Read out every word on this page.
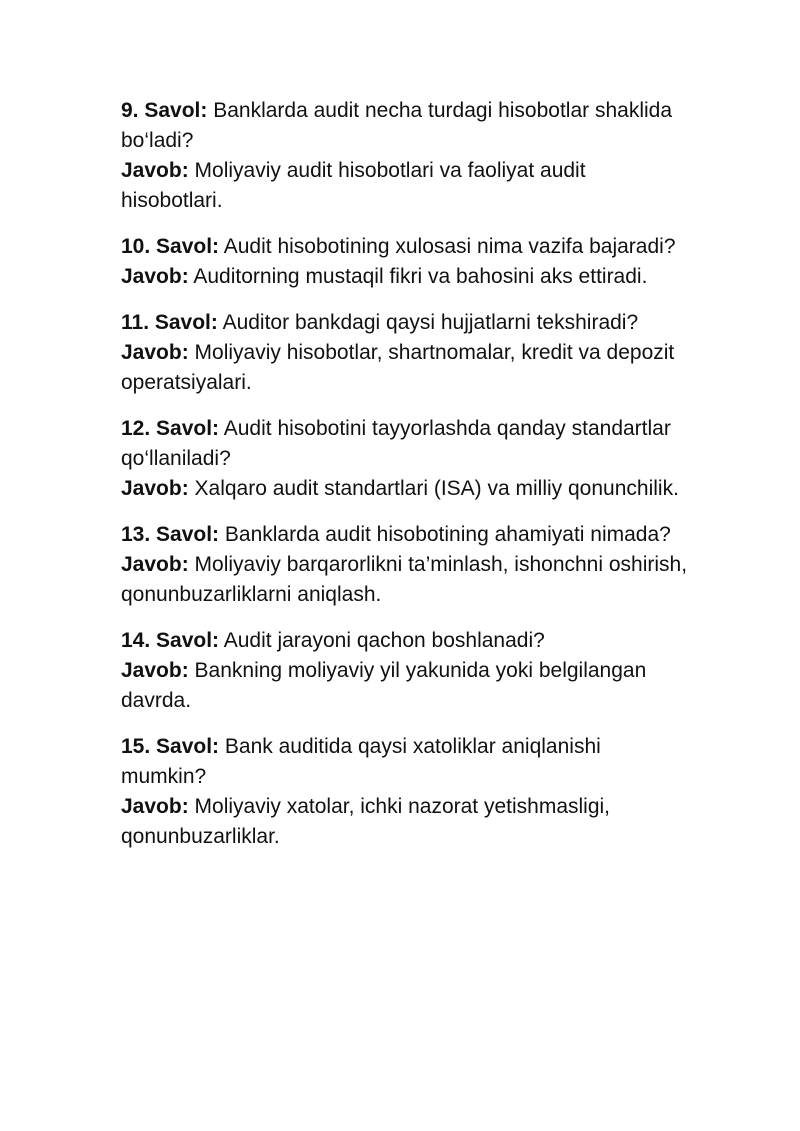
9. Savol: Banklarda audit necha turdagi hisobotlar shaklida bo‘ladi?

Javob: Moliyaviy audit hisobotlari va faoliyat audit hisobotlari.

10. Savol: Audit hisobotining xulosasi nima vazifa bajaradi?

Javob: Auditorning mustaqil fikri va bahosini aks ettiradi.

11. Savol: Auditor bankdagi qaysi hujjatlarni tekshiradi?

Javob: Moliyaviy hisobotlar, shartnomalar, kredit va depozit operatsiyalari.

12. Savol: Audit hisobotini tayyorlashda qanday standartlar qo‘llaniladi?

Javob: Xalqaro audit standartlari (ISA) va milliy qonunchilik.

13. Savol: Banklarda audit hisobotining ahamiyati nimada?

Javob: Moliyaviy barqarorlikni ta’minlash, ishonchni oshirish, qonunbuzarliklarni aniqlash.

14. Savol: Audit jarayoni qachon boshlanadi?

Javob: Bankning moliyaviy yil yakunida yoki belgilangan davrda.

15. Savol: Bank auditida qaysi xatoliklar aniqlanishi mumkin?

Javob: Moliyaviy xatolar, ichki nazorat yetishmasligi, qonunbuzarliklar.
